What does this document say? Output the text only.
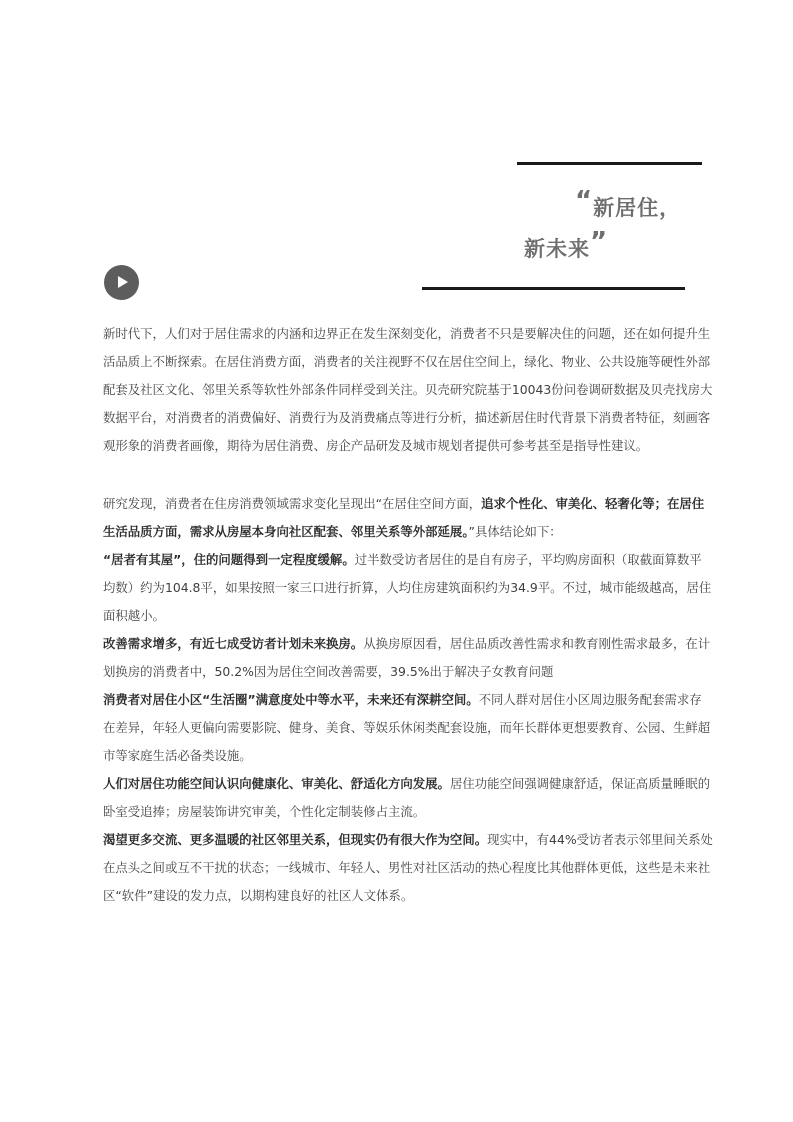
“新居住，
新未来”

新时代下，人们对于居住需求的内涵和边界正在发生深刻变化，消费者不只是要解决住的问题，还在如何提升生活品质上不断探索。在居住消费方面，消费者的关注视野不仅在居住空间上，绿化、物业、公共设施等硬性外部配套及社区文化、邻里关系等软性外部条件同样受到关注。贝壳研究院基于10043份问卷调研数据及贝壳找房大数据平台，对消费者的消费偏好、消费行为及消费痛点等进行分析，描述新居住时代背景下消费者特征，刻画客观形象的消费者画像，期待为居住消费、房企产品研发及城市规划者提供可参考甚至是指导性建议。

研究发现，消费者在住房消费领域需求变化呈现出“在居住空间方面，追求个性化、审美化、轻奢化等；在居住生活品质方面，需求从房屋本身向社区配套、邻里关系等外部延展。”具体结论如下：

“居者有其屋”，住的问题得到一定程度缓解。过半数受访者居住的是自有房子，平均购房面积（取截面算数平均数）约为104.8平，如果按照一家三口进行折算，人均住房建筑面积约为34.9平。不过，城市能级越高，居住面积越小。

改善需求增多，有近七成受访者计划未来换房。从换房原因看，居住品质改善性需求和教育刚性需求最多，在计划换房的消费者中，50.2%因为居住空间改善需要，39.5%出于解决子女教育问题

消费者对居住小区“生活圈”满意度处中等水平，未来还有深耕空间。不同人群对居住小区周边服务配套需求存在差异，年轻人更偏向需要影院、健身、美食、等娱乐休闲类配套设施，而年长群体更想要教育、公园、生鲜超市等家庭生活必备类设施。

人们对居住功能空间认识向健康化、审美化、舒适化方向发展。居住功能空间强调健康舒适，保证高质量睡眠的卧室受追捧；房屋装饰讲究审美，个性化定制装修占主流。

渴望更多交流、更多温暖的社区邻里关系，但现实仍有很大作为空间。现实中，有44%受访者表示邻里间关系处在点头之间或互不干扰的状态；一线城市、年轻人、男性对社区活动的热心程度比其他群体更低，这些是未来社区“软件”建设的发力点，以期构建良好的社区人文体系。
